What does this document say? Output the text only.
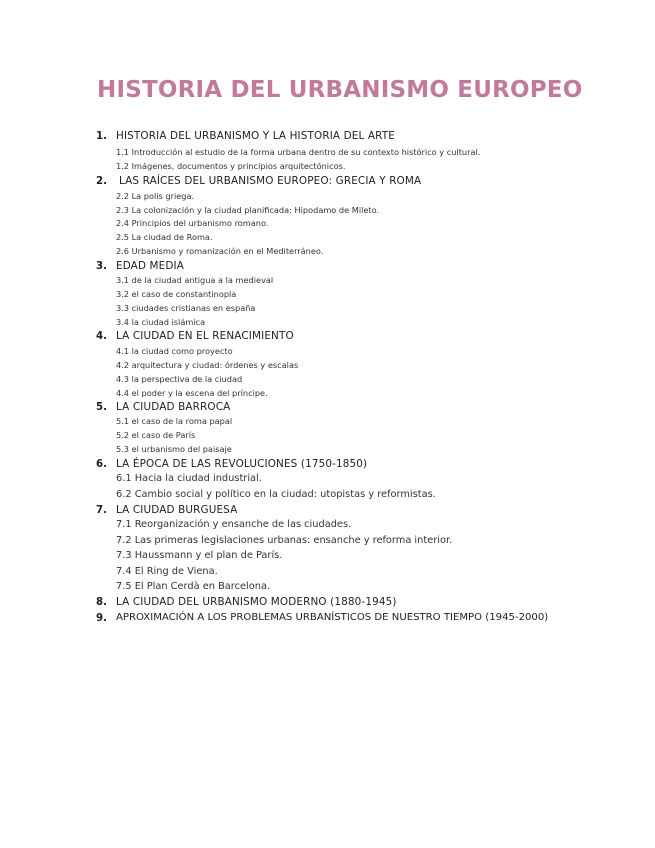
HISTORIA DEL URBANISMO EUROPEO
1. HISTORIA DEL URBANISMO Y LA HISTORIA DEL ARTE
1.1 Introducción al estudio de la forma urbana dentro de su contexto histórico y cultural.
1.2 Imágenes, documentos y principios arquitectónicos.
2. LAS RAÍCES DEL URBANISMO EUROPEO: GRECIA Y ROMA
2.2 La polis griega.
2.3 La colonización y la ciudad planificada: Hipodamo de Mileto.
2.4 Principios del urbanismo romano.
2.5 La ciudad de Roma.
2.6 Urbanismo y romanización en el Mediterráneo.
3. EDAD MEDIA
3.1 de la ciudad antigua a la medieval
3.2 el caso de constantinopla
3.3 ciudades cristianas en españa
3.4 la ciudad islámica
4. LA CIUDAD EN EL RENACIMIENTO
4.1 la ciudad como proyecto
4.2 arquitectura y ciudad: órdenes y escalas
4.3 la perspectiva de la ciudad
4.4 el poder y la escena del príncipe.
5. LA CIUDAD BARROCA
5.1 el caso de la roma papal
5.2 el caso de París
5.3 el urbanismo del paisaje
6. LA ÉPOCA DE LAS REVOLUCIONES (1750-1850)
6.1 Hacia la ciudad industrial.
6.2 Cambio social y político en la ciudad: utopistas y reformistas.
7. LA CIUDAD BURGUESA
7.1 Reorganización y ensanche de las ciudades.
7.2 Las primeras legislaciones urbanas: ensanche y reforma interior.
7.3 Haussmann y el plan de París.
7.4 El Ring de Viena.
7.5 El Plan Cerdà en Barcelona.
8. LA CIUDAD DEL URBANISMO MODERNO (1880-1945)
9. APROXIMACIÓN A LOS PROBLEMAS URBANÍSTICOS DE NUESTRO TIEMPO (1945-2000)
